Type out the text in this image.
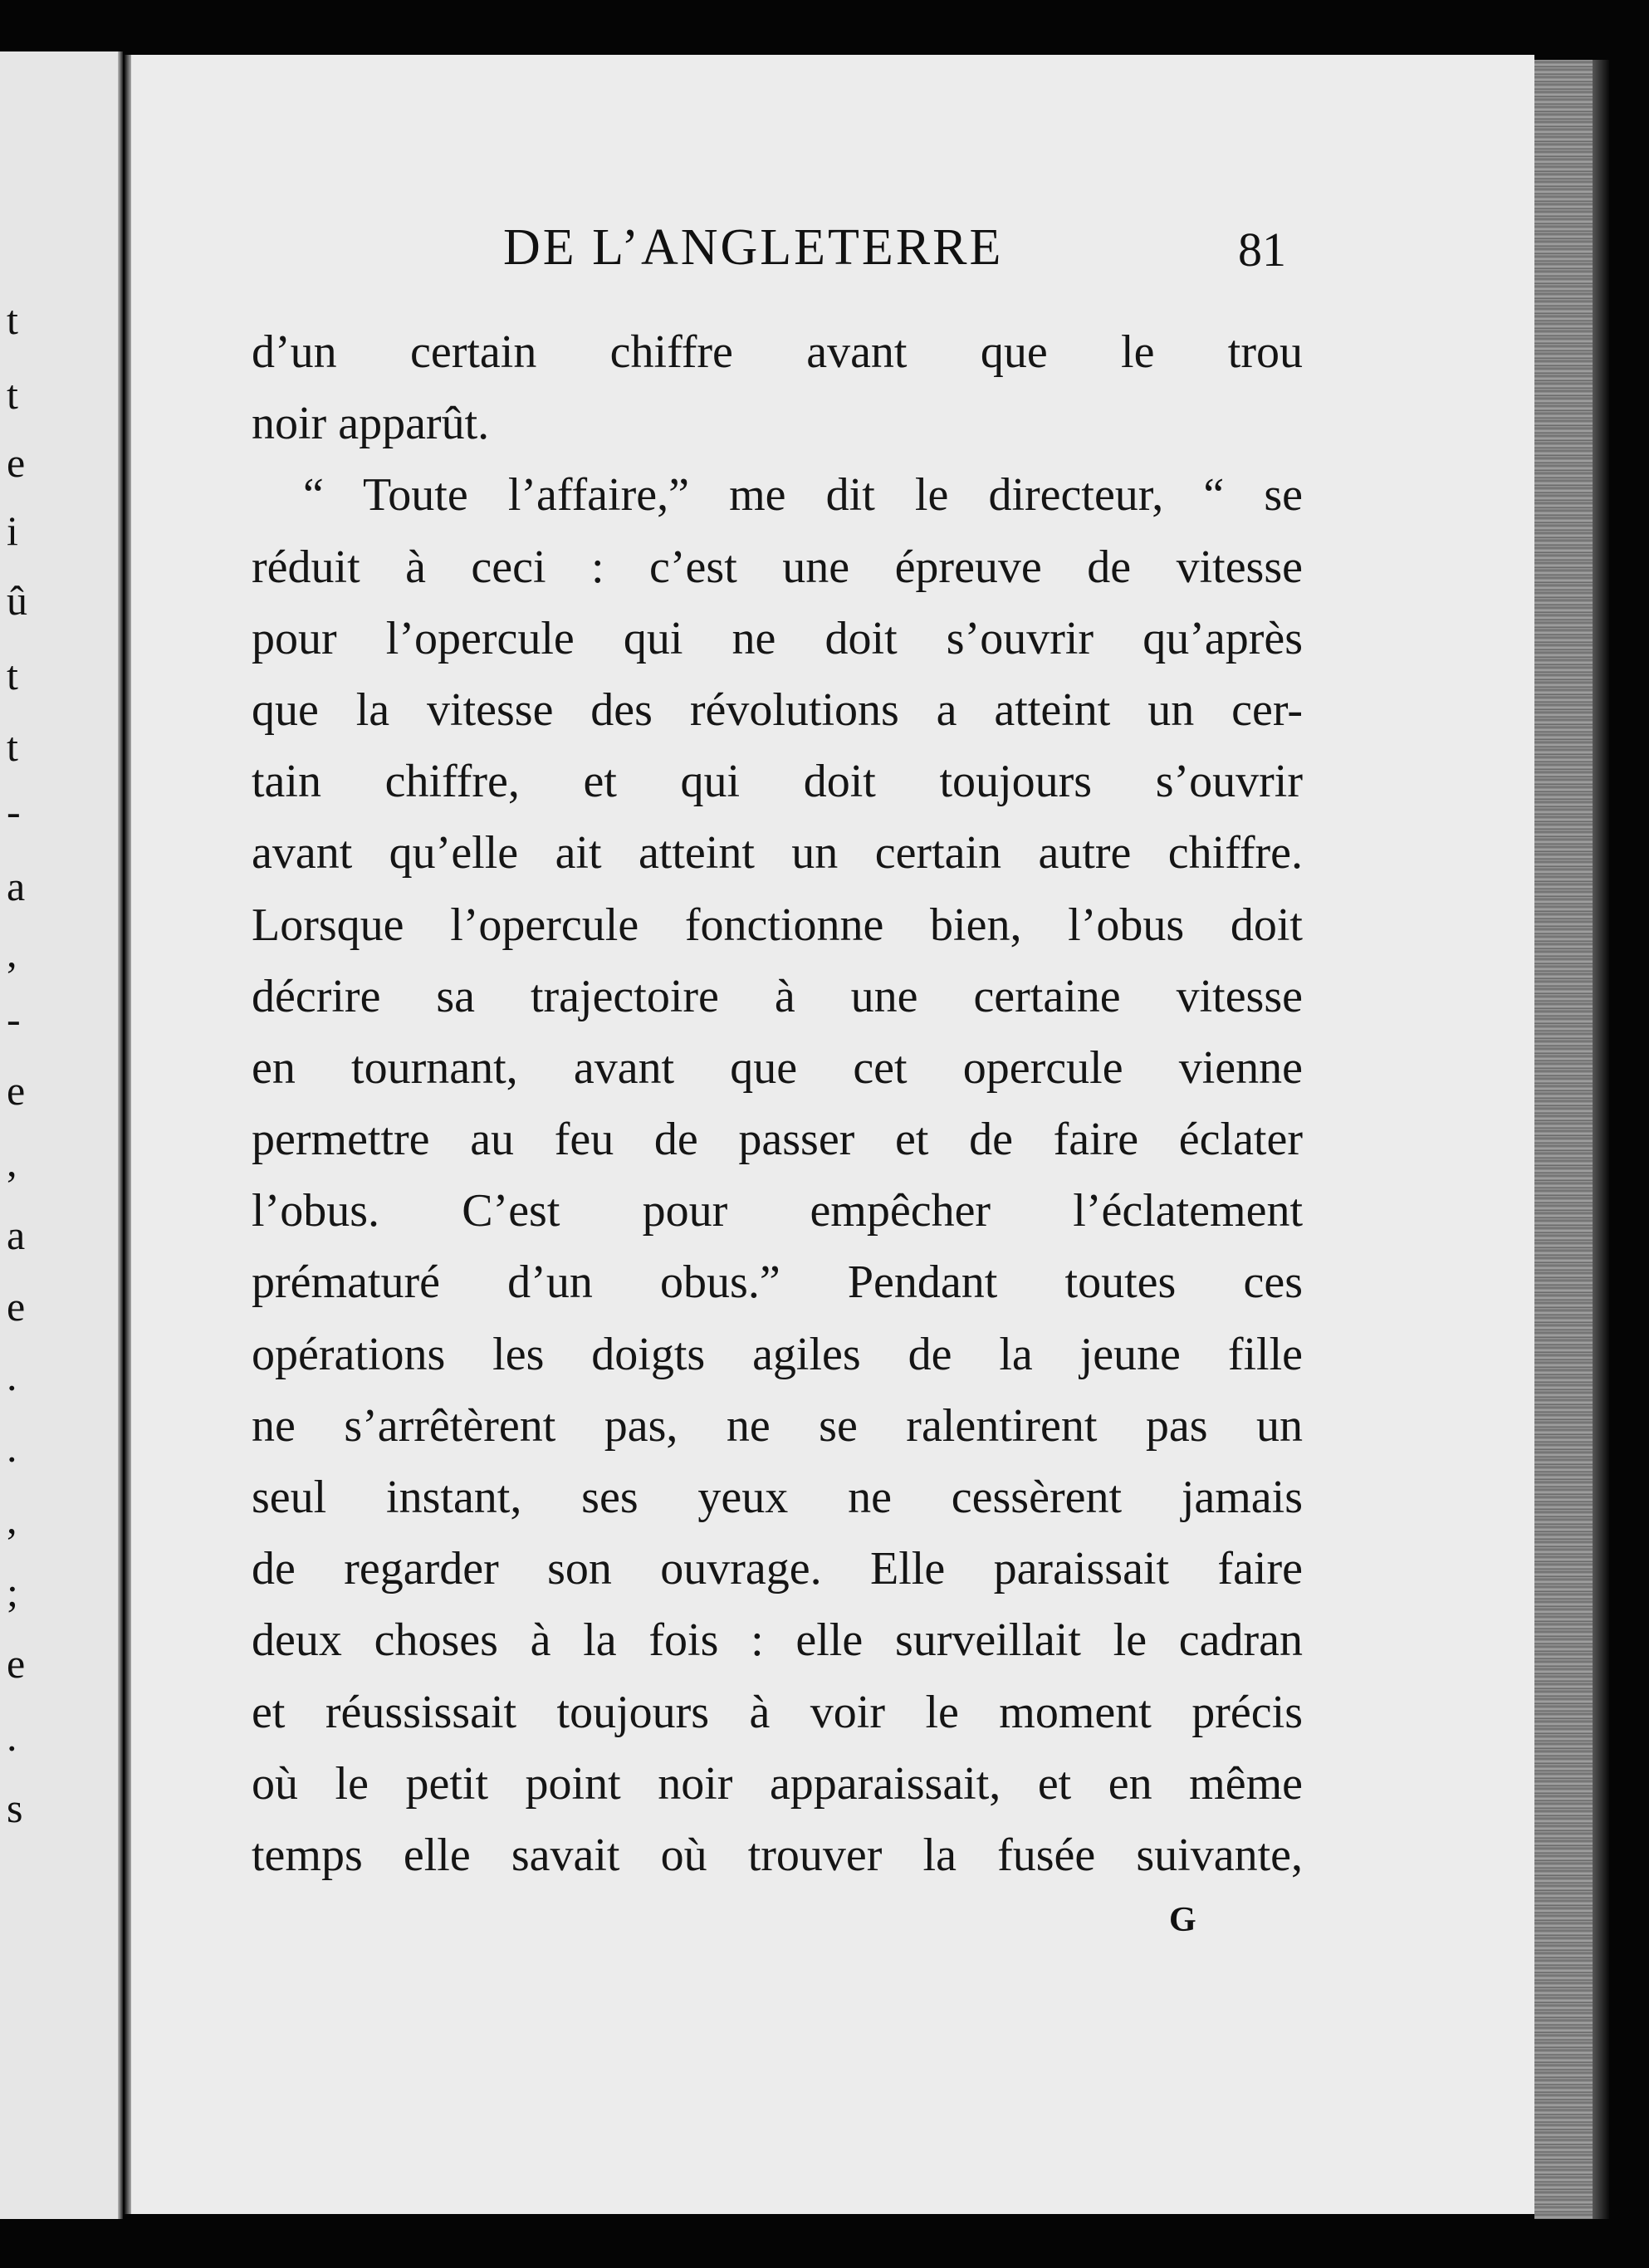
t
t
e
i
û
t
t
-
a
,
-
e
,
a
e
.
.
,
;
e
.
s
DE L’ANGLETERRE	81
d’un certain chiffre avant que le trou
noir apparût.
“ Toute l’affaire,” me dit le directeur, “ se
réduit à ceci : c’est une épreuve de vitesse
pour l’opercule qui ne doit s’ouvrir qu’après
que la vitesse des révolutions a atteint un cer-
tain chiffre, et qui doit toujours s’ouvrir
avant qu’elle ait atteint un certain autre chiffre.
Lorsque l’opercule fonctionne bien, l’obus doit
décrire sa trajectoire à une certaine vitesse
en tournant, avant que cet opercule vienne
permettre au feu de passer et de faire éclater
l’obus. C’est pour empêcher l’éclatement
prématuré d’un obus.” Pendant toutes ces
opérations les doigts agiles de la jeune fille
ne s’arrêtèrent pas, ne se ralentirent pas un
seul instant, ses yeux ne cessèrent jamais
de regarder son ouvrage. Elle paraissait faire
deux choses à la fois : elle surveillait le cadran
et réussissait toujours à voir le moment précis
où le petit point noir apparaissait, et en même
temps elle savait où trouver la fusée suivante,
G
